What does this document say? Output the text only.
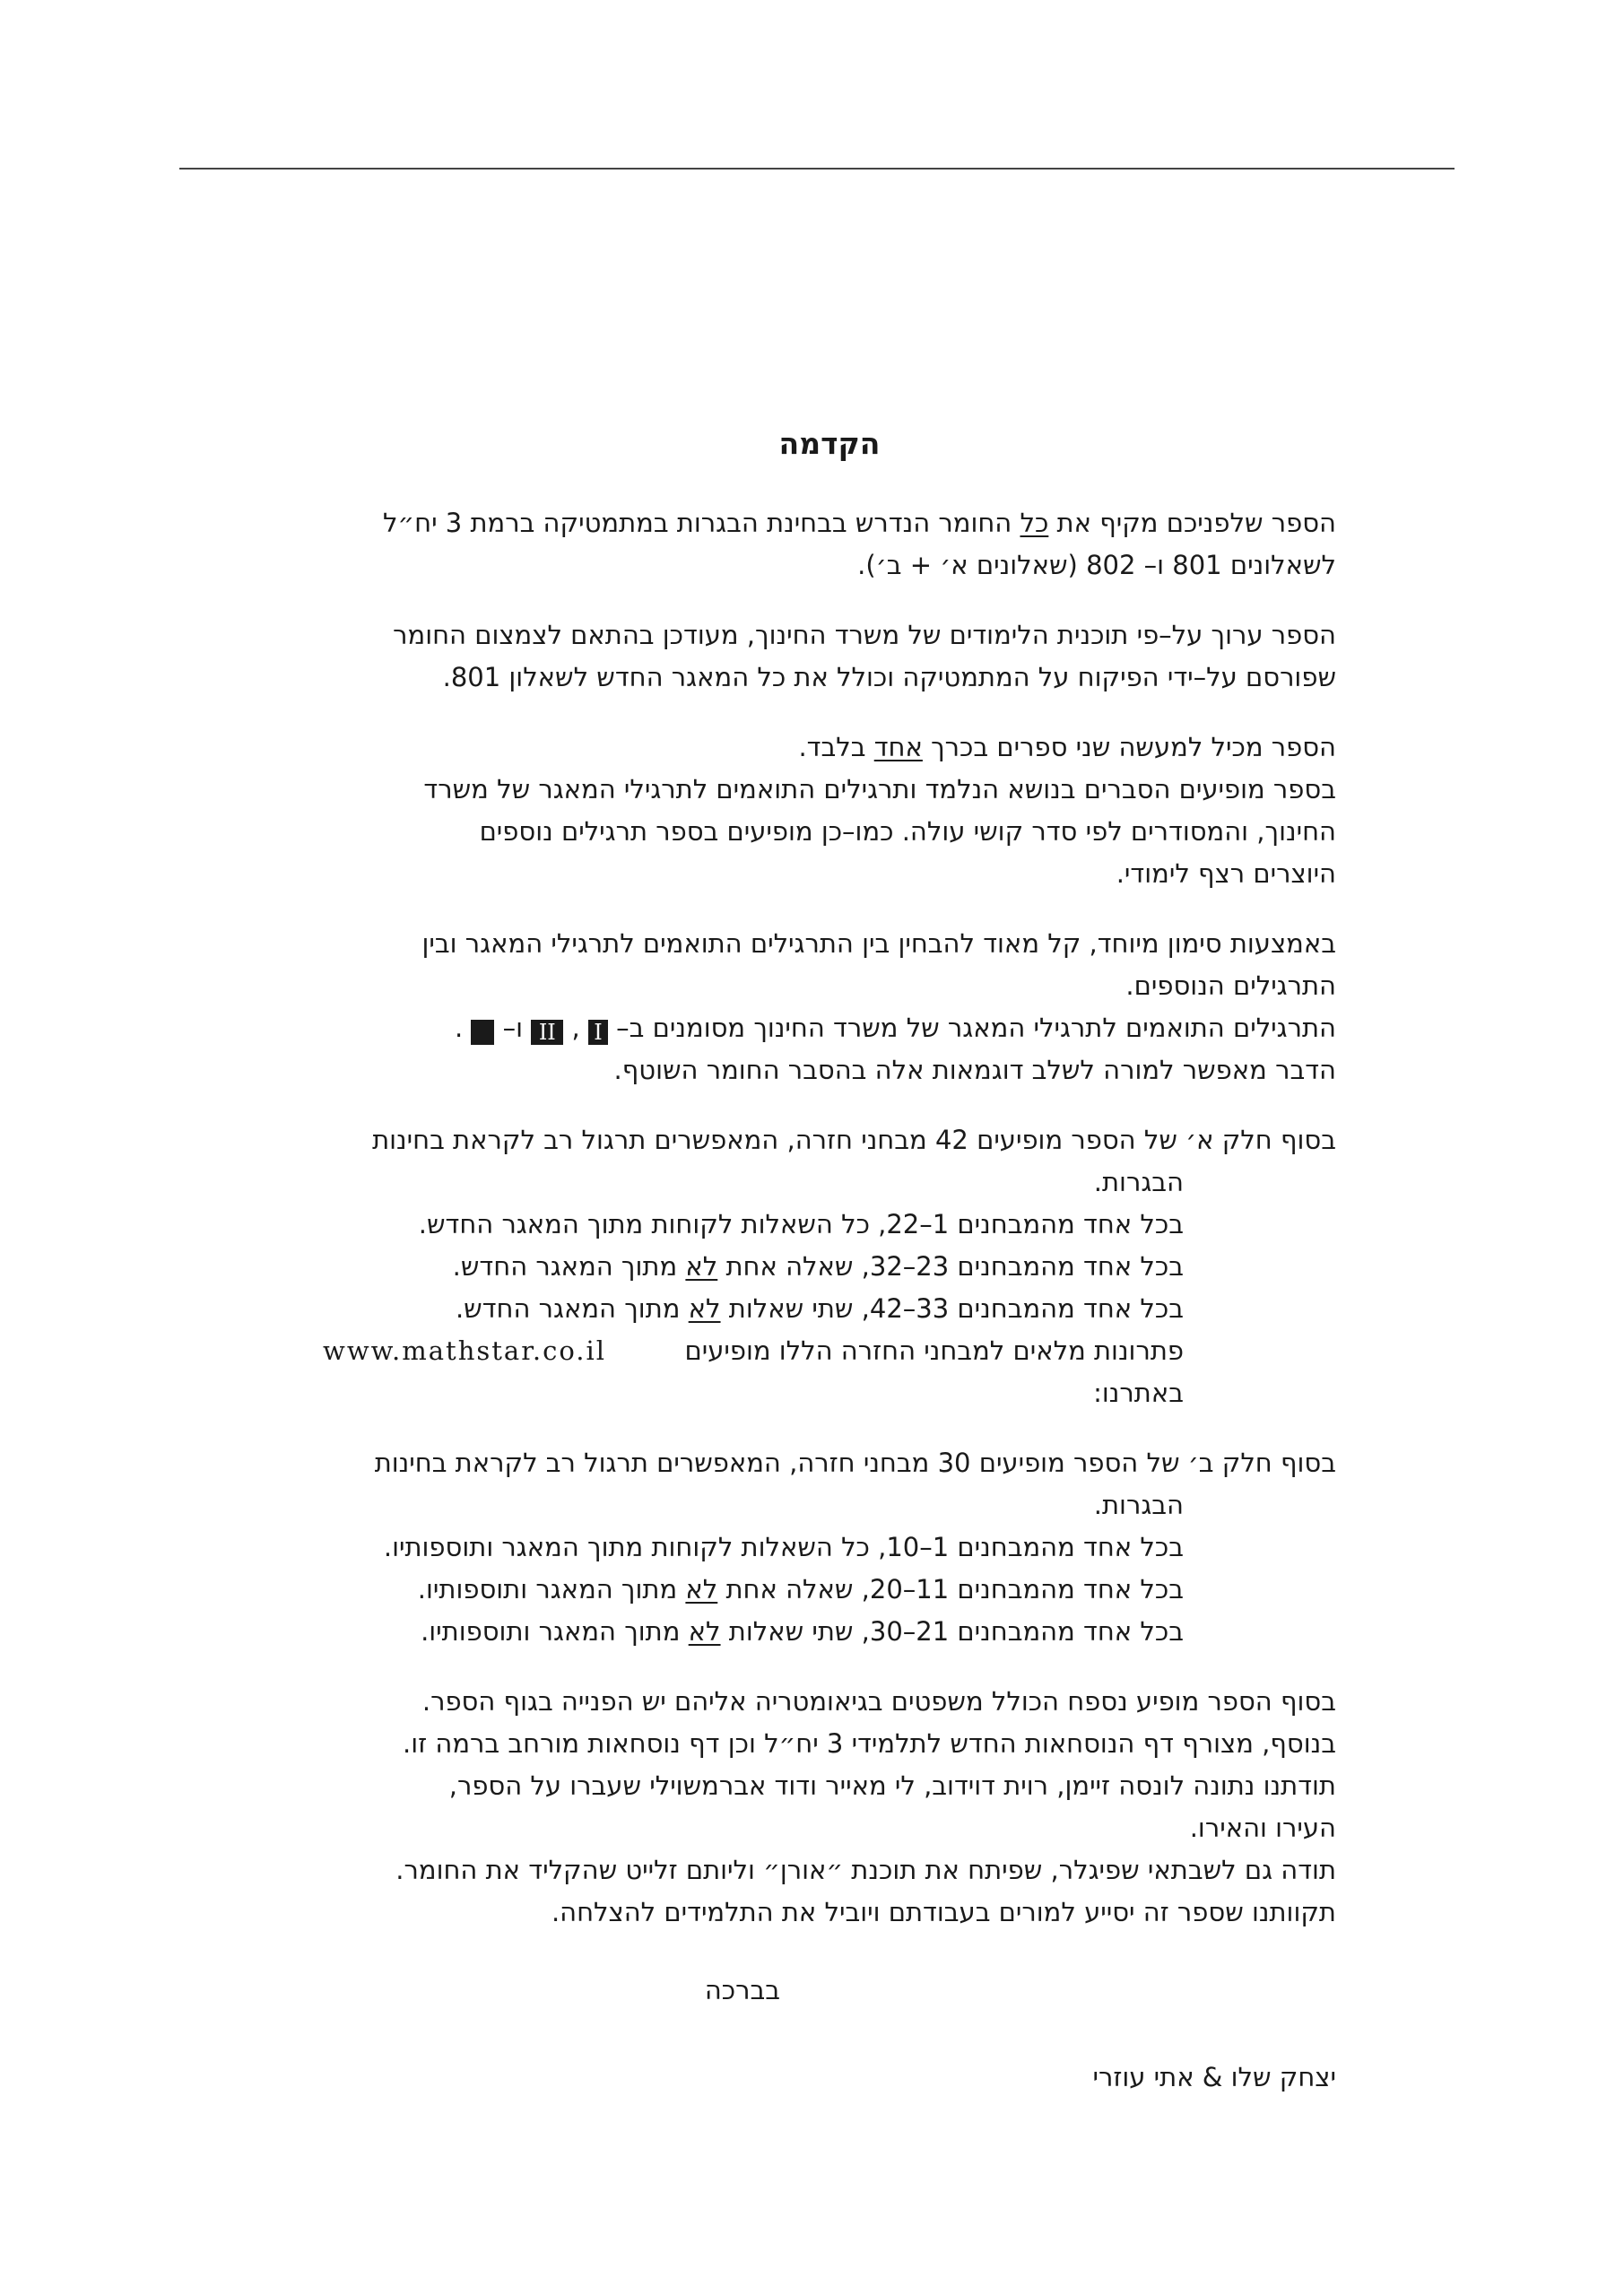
הקדמה

הספר שלפניכם מקיף את כל החומר הנדרש בבחינת הבגרות במתמטיקה ברמת 3 יח״ל
לשאלונים 801 ו– 802 (שאלונים א׳ + ב׳).

הספר ערוך על–פי תוכנית הלימודים של משרד החינוך, מעודכן בהתאם לצמצום החומר
שפורסם על–ידי הפיקוח על המתמטיקה וכולל את כל המאגר החדש לשאלון 801.

הספר מכיל למעשה שני ספרים בכרך אחד בלבד.
בספר מופיעים הסברים בנושא הנלמד ותרגילים התואמים לתרגילי המאגר של משרד
החינוך, והמסודרים לפי סדר קושי עולה. כמו–כן מופיעים בספר תרגילים נוספים
היוצרים רצף לימודי.

באמצעות סימון מיוחד, קל מאוד להבחין בין התרגילים התואמים לתרגילי המאגר ובין
התרגילים הנוספים.
התרגילים התואמים לתרגילי המאגר של משרד החינוך מסומנים ב– I , II ו–  .
הדבר מאפשר למורה לשלב דוגמאות אלה בהסבר החומר השוטף.

בסוף חלק א׳ של הספר מופיעים 42 מבחני חזרה, המאפשרים תרגול רב לקראת בחינות
הבגרות.
בכל אחד מהמבחנים 1–22, כל השאלות לקוחות מתוך המאגר החדש.
בכל אחד מהמבחנים 23–32, שאלה אחת לא מתוך המאגר החדש.
בכל אחד מהמבחנים 33–42, שתי שאלות לא מתוך המאגר החדש.
פתרונות מלאים למבחני החזרה הללו מופיעים באתרנו:
www.mathstar.co.il

בסוף חלק ב׳ של הספר מופיעים 30 מבחני חזרה, המאפשרים תרגול רב לקראת בחינות
הבגרות.
בכל אחד מהמבחנים 1–10, כל השאלות לקוחות מתוך המאגר ותוספותיו.
בכל אחד מהמבחנים 11–20, שאלה אחת לא מתוך המאגר ותוספותיו.
בכל אחד מהמבחנים 21–30, שתי שאלות לא מתוך המאגר ותוספותיו.

בסוף הספר מופיע נספח הכולל משפטים בגיאומטריה אליהם יש הפנייה בגוף הספר.
בנוסף, מצורף דף הנוסחאות החדש לתלמידי 3 יח״ל וכן דף נוסחאות מורחב ברמה זו.
תודתנו נתונה לונסה זיימן, רוית דוידוב, לי מאייר ודוד אברמשוילי שעברו על הספר,
העירו והאירו.
תודה גם לשבתאי שפיגלר, שפיתח את תוכנת ״אורן״ וליותם זלייט שהקליד את החומר.
תקוותנו שספר זה יסייע למורים בעבודתם ויוביל את התלמידים להצלחה.

בברכה
יצחק שלו & אתי עוזרי
